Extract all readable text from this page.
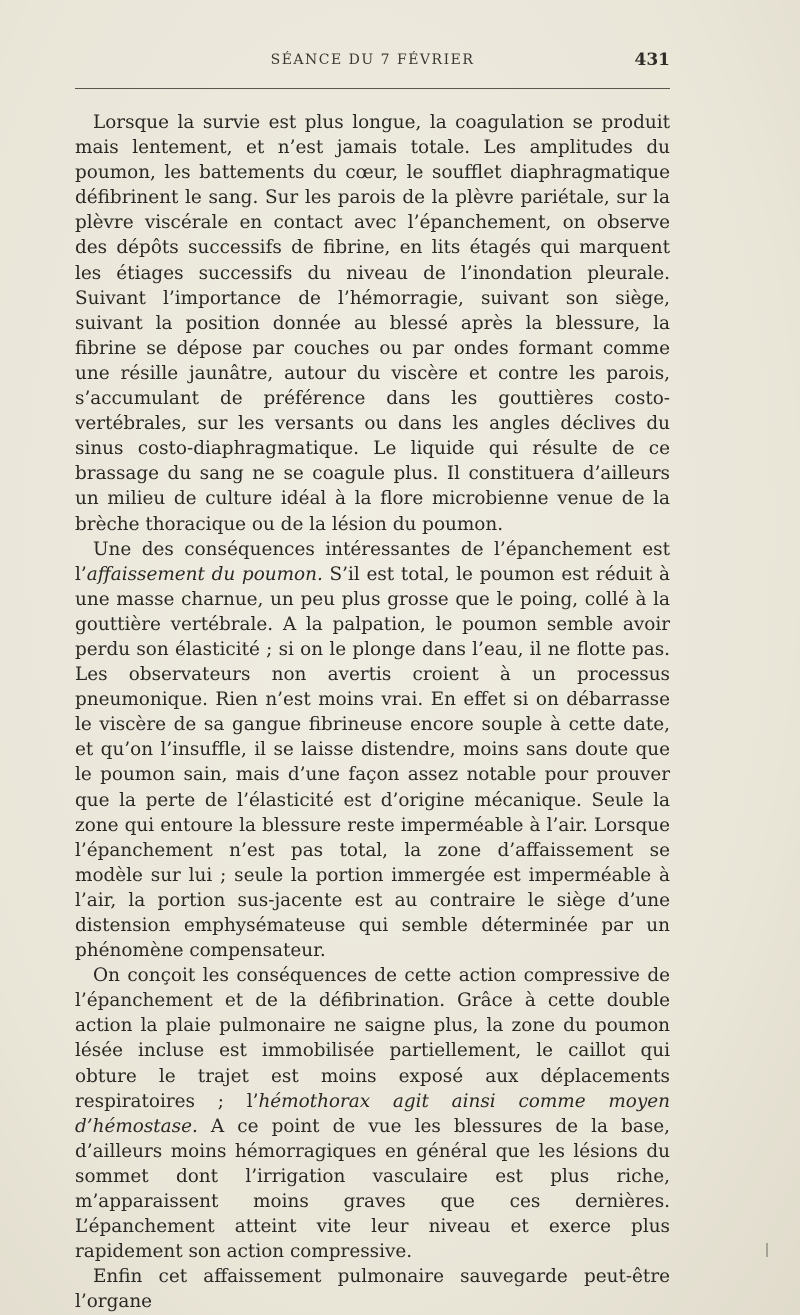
SÉANCE DU 7 FÉVRIER	431

Lorsque la survie est plus longue, la coagulation se produit mais lentement, et n’est jamais totale. Les amplitudes du poumon, les battements du cœur, le soufflet diaphragmatique défibrinent le sang. Sur les parois de la plèvre pariétale, sur la plèvre viscérale en contact avec l’épanchement, on observe des dépôts successifs de fibrine, en lits étagés qui marquent les étiages successifs du niveau de l’inondation pleurale. Suivant l’importance de l’hémorragie, suivant son siège, suivant la position donnée au blessé après la blessure, la fibrine se dépose par couches ou par ondes formant comme une résille jaunâtre, autour du viscère et contre les parois, s’accumulant de préférence dans les gouttières costo-vertébrales, sur les versants ou dans les angles déclives du sinus costo-diaphragmatique. Le liquide qui résulte de ce brassage du sang ne se coagule plus. Il constituera d’ailleurs un milieu de culture idéal à la flore microbienne venue de la brèche thoracique ou de la lésion du poumon.

Une des conséquences intéressantes de l’épanchement est l’affaissement du poumon. S’il est total, le poumon est réduit à une masse charnue, un peu plus grosse que le poing, collé à la gouttière vertébrale. A la palpation, le poumon semble avoir perdu son élasticité ; si on le plonge dans l’eau, il ne flotte pas. Les observateurs non avertis croient à un processus pneumonique. Rien n’est moins vrai. En effet si on débarrasse le viscère de sa gangue fibrineuse encore souple à cette date, et qu’on l’insuffle, il se laisse distendre, moins sans doute que le poumon sain, mais d’une façon assez notable pour prouver que la perte de l’élasticité est d’origine mécanique. Seule la zone qui entoure la blessure reste imperméable à l’air. Lorsque l’épanchement n’est pas total, la zone d’affaissement se modèle sur lui ; seule la portion immergée est imperméable à l’air, la portion sus-jacente est au contraire le siège d’une distension emphysémateuse qui semble déterminée par un phénomène compensateur.

On conçoit les conséquences de cette action compressive de l’épanchement et de la défibrination. Grâce à cette double action la plaie pulmonaire ne saigne plus, la zone du poumon lésée incluse est immobilisée partiellement, le caillot qui obture le trajet est moins exposé aux déplacements respiratoires ; l’hémothorax agit ainsi comme moyen d’hémostase. A ce point de vue les blessures de la base, d’ailleurs moins hémorragiques en général que les lésions du sommet dont l’irrigation vasculaire est plus riche, m’apparaissent moins graves que ces dernières. L’épanchement atteint vite leur niveau et exerce plus rapidement son action compressive.

Enfin cet affaissement pulmonaire sauvegarde peut-être l’organe
